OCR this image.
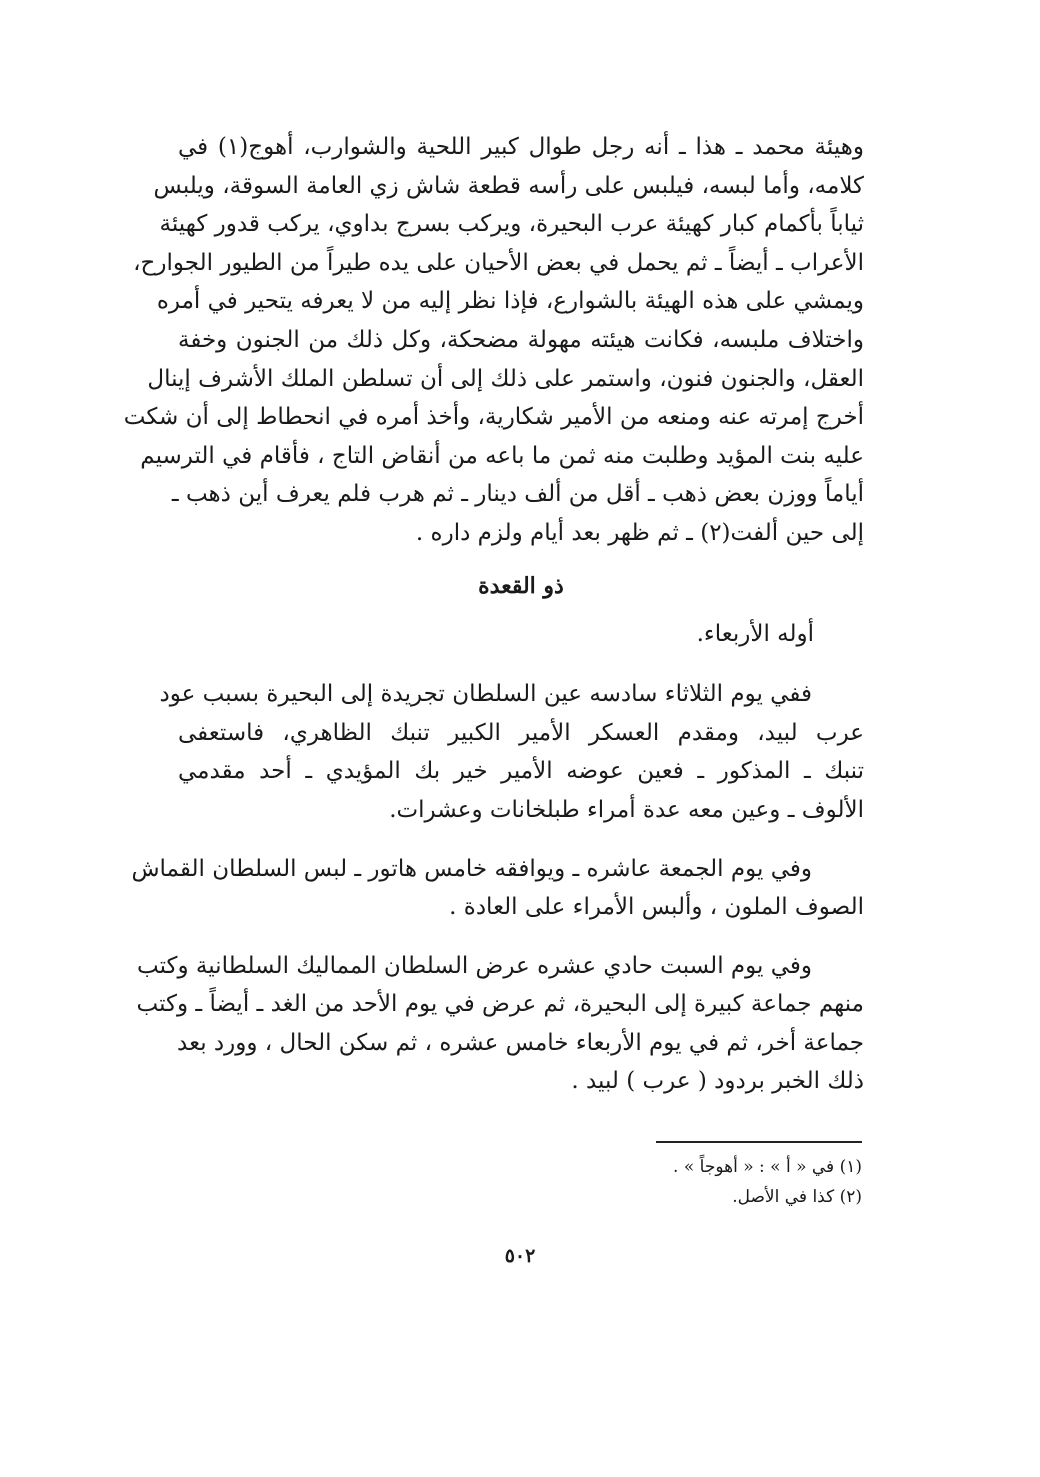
وهيئة محمد ـ هذا ـ أنه رجل طوال كبير اللحية والشوارب، أهوج(١) في
كلامه، وأما لبسه، فيلبس على رأسه قطعة شاش زي العامة السوقة، ويلبس
ثياباً بأكمام كبار كهيئة عرب البحيرة، ويركب بسرج بداوي، يركب قدور كهيئة
الأعراب ـ أيضاً ـ ثم يحمل في بعض الأحيان على يده طيراً من الطيور الجوارح،
ويمشي على هذه الهيئة بالشوارع، فإذا نظر إليه من لا يعرفه يتحير في أمره
واختلاف ملبسه، فكانت هيئته مهولة مضحكة، وكل ذلك من الجنون وخفة
العقل، والجنون فنون، واستمر على ذلك إلى أن تسلطن الملك الأشرف إينال
أخرج إمرته عنه ومنعه من الأمير شكارية، وأخذ أمره في انحطاط إلى أن شكت
عليه بنت المؤيد وطلبت منه ثمن ما باعه من أنقاض التاج ، فأقام في الترسيم
أياماً ووزن بعض ذهب ـ أقل من ألف دينار ـ ثم هرب فلم يعرف أين ذهب ـ
إلى حين ألفت(٢) ـ ثم ظهر بعد أيام ولزم داره .

ذو القعدة

أوله الأربعاء.

ففي يوم الثلاثاء سادسه عين السلطان تجريدة إلى البحيرة بسبب عود
عرب لبيد، ومقدم العسكر الأمير الكبير تنبك الظاهري، فاستعفى
تنبك ـ المذكور ـ فعين عوضه الأمير خير بك المؤيدي ـ أحد مقدمي
الألوف ـ وعين معه عدة أمراء طبلخانات وعشرات.

وفي يوم الجمعة عاشره ـ ويوافقه خامس هاتور ـ لبس السلطان القماش
الصوف الملون ، وألبس الأمراء على العادة .

وفي يوم السبت حادي عشره عرض السلطان المماليك السلطانية وكتب
منهم جماعة كبيرة إلى البحيرة، ثم عرض في يوم الأحد من الغد ـ أيضاً ـ وكتب
جماعة أخر، ثم في يوم الأربعاء خامس عشره ، ثم سكن الحال ، وورد بعد
ذلك الخبر بردود ( عرب ) لبيد .

(١) في « أ » : « أهوجاً » .
(٢) كذا في الأصل.
٥٠٢
